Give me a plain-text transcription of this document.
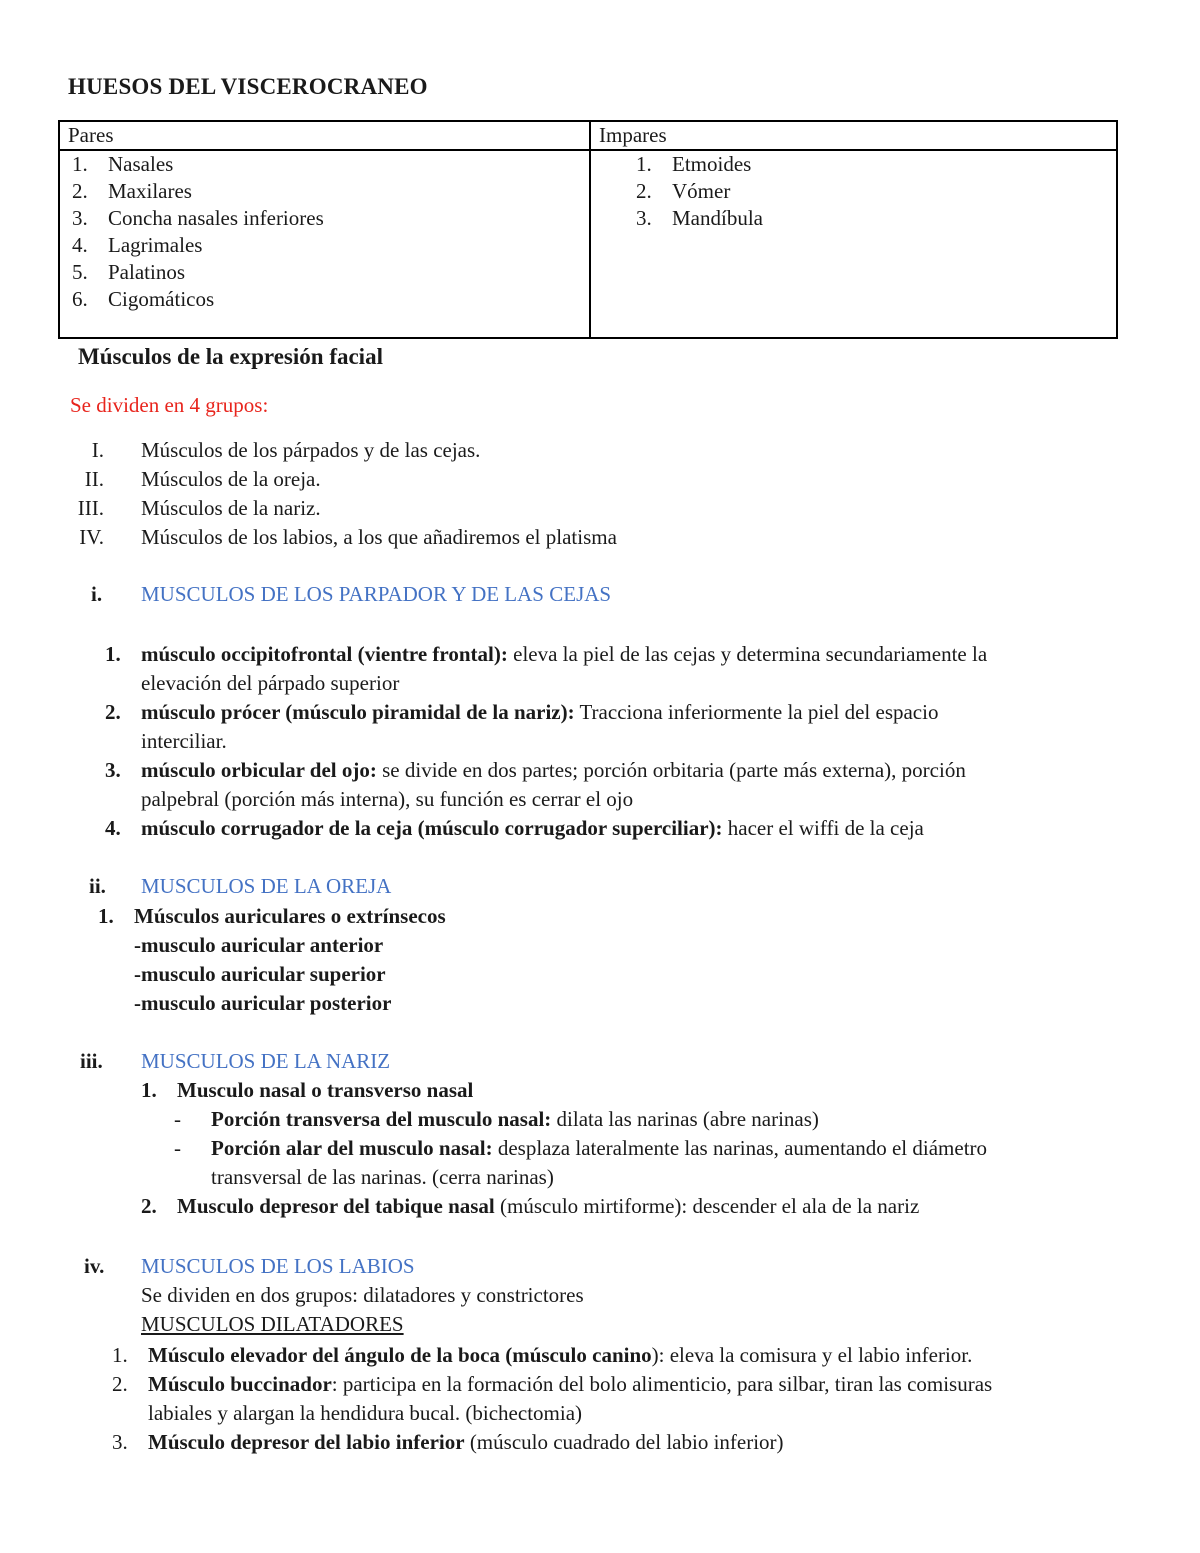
HUESOS DEL VISCEROCRANEO
Pares	Impares
1. Nasales
2. Maxilares
3. Concha nasales inferiores
4. Lagrimales
5. Palatinos
6. Cigomáticos
1. Etmoides
2. Vómer
3. Mandíbula
Músculos de la expresión facial
Se dividen en 4 grupos:
I. Músculos de los párpados y de las cejas.
II. Músculos de la oreja.
III. Músculos de la nariz.
IV. Músculos de los labios, a los que añadiremos el platisma
i. MUSCULOS DE LOS PARPADOR Y DE LAS CEJAS
1. músculo occipitofrontal (vientre frontal): eleva la piel de las cejas y determina secundariamente la
elevación del párpado superior
2. músculo prócer (músculo piramidal de la nariz): Tracciona inferiormente la piel del espacio
interciliar.
3. músculo orbicular del ojo: se divide en dos partes; porción orbitaria (parte más externa), porción
palpebral (porción más interna), su función es cerrar el ojo
4. músculo corrugador de la ceja (músculo corrugador superciliar): hacer el wiffi de la ceja
ii. MUSCULOS DE LA OREJA
1. Músculos auriculares o extrínsecos
-musculo auricular anterior
-musculo auricular superior
-musculo auricular posterior
iii. MUSCULOS DE LA NARIZ
1. Musculo nasal o transverso nasal
- Porción transversa del musculo nasal: dilata las narinas (abre narinas)
- Porción alar del musculo nasal: desplaza lateralmente las narinas, aumentando el diámetro
transversal de las narinas. (cerra narinas)
2. Musculo depresor del tabique nasal (músculo mirtiforme): descender el ala de la nariz
iv. MUSCULOS DE LOS LABIOS
Se dividen en dos grupos: dilatadores y constrictores
MUSCULOS DILATADORES
1. Músculo elevador del ángulo de la boca (músculo canino): eleva la comisura y el labio inferior.
2. Músculo buccinador: participa en la formación del bolo alimenticio, para silbar, tiran las comisuras
labiales y alargan la hendidura bucal. (bichectomia)
3. Músculo depresor del labio inferior (músculo cuadrado del labio inferior)
